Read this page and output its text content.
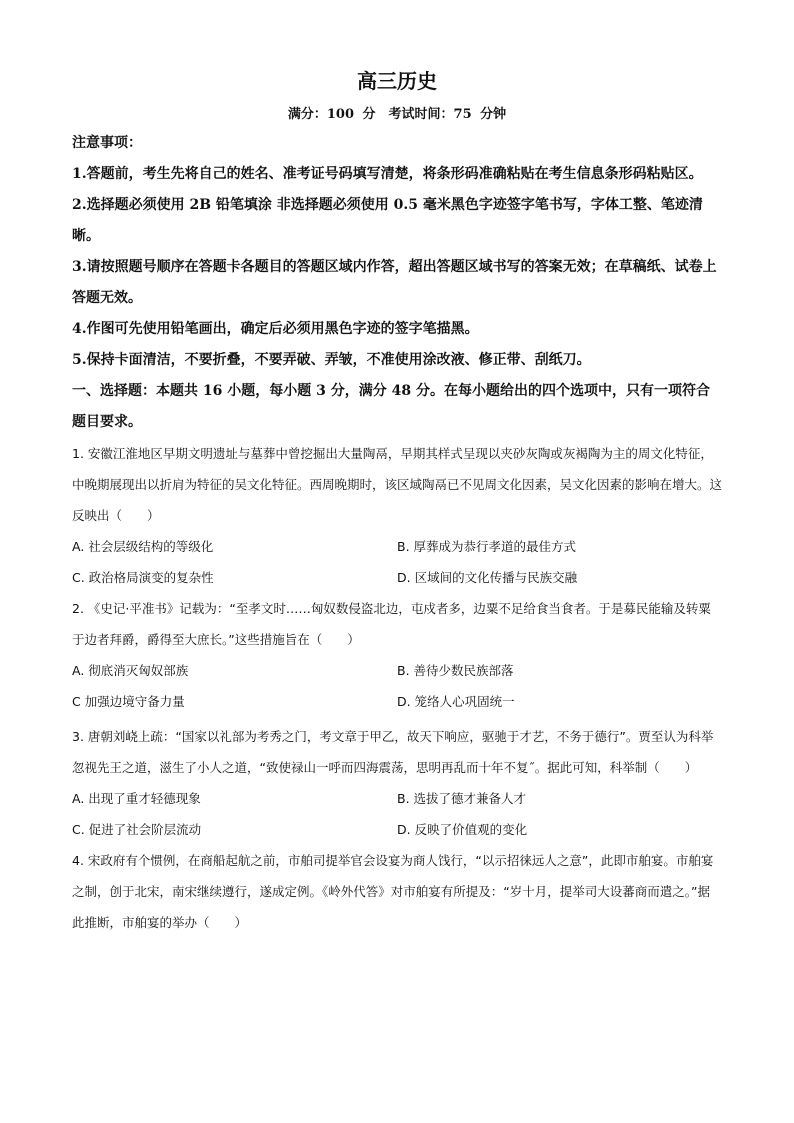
高三历史
满分：100 分　考试时间：75 分钟
注意事项：
1.答题前，考生先将自己的姓名、准考证号码填写清楚，将条形码准确粘贴在考生信息条形码粘贴区。
2.选择题必须使用 2B 铅笔填涂 非选择题必须使用 0.5 毫米黑色字迹签字笔书写，字体工整、笔迹清晰。
3.请按照题号顺序在答题卡各题目的答题区域内作答，超出答题区域书写的答案无效；在草稿纸、试卷上答题无效。
4.作图可先使用铅笔画出，确定后必须用黑色字迹的签字笔描黑。
5.保持卡面清洁，不要折叠，不要弄破、弄皱，不准使用涂改液、修正带、刮纸刀。
一、选择题：本题共 16 小题，每小题 3 分，满分 48 分。在每小题给出的四个选项中，只有一项符合题目要求。
1. 安徽江淮地区早期文明遗址与墓葬中曾挖掘出大量陶鬲，早期其样式呈现以夹砂灰陶或灰褐陶为主的周文化特征，中晚期展现出以折肩为特征的吴文化特征。西周晚期时，该区域陶鬲已不见周文化因素，吴文化因素的影响在增大。这反映出（　　）
A. 社会层级结构的等级化	B. 厚葬成为恭行孝道的最佳方式
C. 政治格局演变的复杂性	D. 区域间的文化传播与民族交融
2. 《史记·平准书》记载为：“至孝文时……匈奴数侵盗北边，屯戍者多，边粟不足给食当食者。于是募民能输及转粟于边者拜爵，爵得至大庶长。”这些措施旨在（　　）
A. 彻底消灭匈奴部族	B. 善待少数民族部落
C 加强边境守备力量	D. 笼络人心巩固统一
3. 唐朝刘峣上疏：“国家以礼部为考秀之门，考文章于甲乙，故天下响应，驱驰于才艺，不务于德行”。贾至认为科举忽视先王之道，滋生了小人之道，“致使禄山一呼而四海震荡，思明再乱而十年不复˝。据此可知，科举制（　　）
A. 出现了重才轻德现象	B. 选拔了德才兼备人才
C. 促进了社会阶层流动	D. 反映了价值观的变化
4. 宋政府有个惯例，在商船起航之前，市舶司提举官会设宴为商人饯行，“以示招徕远人之意”，此即市舶宴。市舶宴之制，创于北宋，南宋继续遵行，遂成定例。《岭外代答》对市舶宴有所提及：“岁十月，提举司大设蕃商而遣之。”据此推断，市舶宴的举办（　　）
